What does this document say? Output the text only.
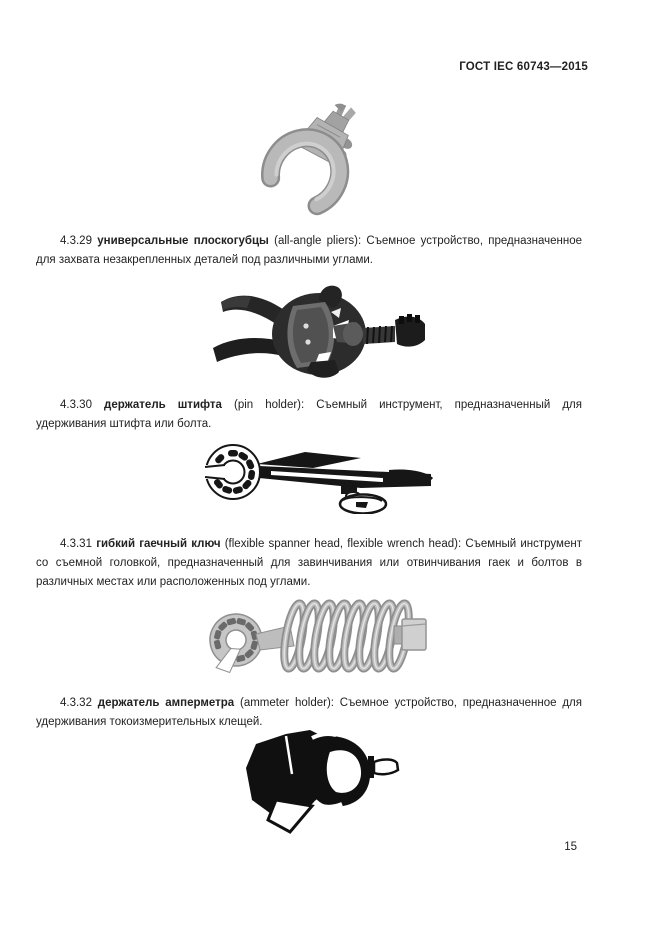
ГОСТ IEC 60743—2015

4.3.29 универсальные плоскогубцы (all-angle pliers): Съемное устройство, предназначенное для захвата незакрепленных деталей под различными углами.

4.3.30 держатель штифта (pin holder): Съемный инструмент, предназначенный для удерживания штифта или болта.

4.3.31 гибкий гаечный ключ (flexible spanner head, flexible wrench head): Съемный инструмент со съемной головкой, предназначенный для завинчивания или отвинчивания гаек и болтов в различных местах или расположенных под углами.

4.3.32 держатель амперметра (ammeter holder): Съемное устройство, предназначенное для удерживания токоизмерительных клещей.

15
